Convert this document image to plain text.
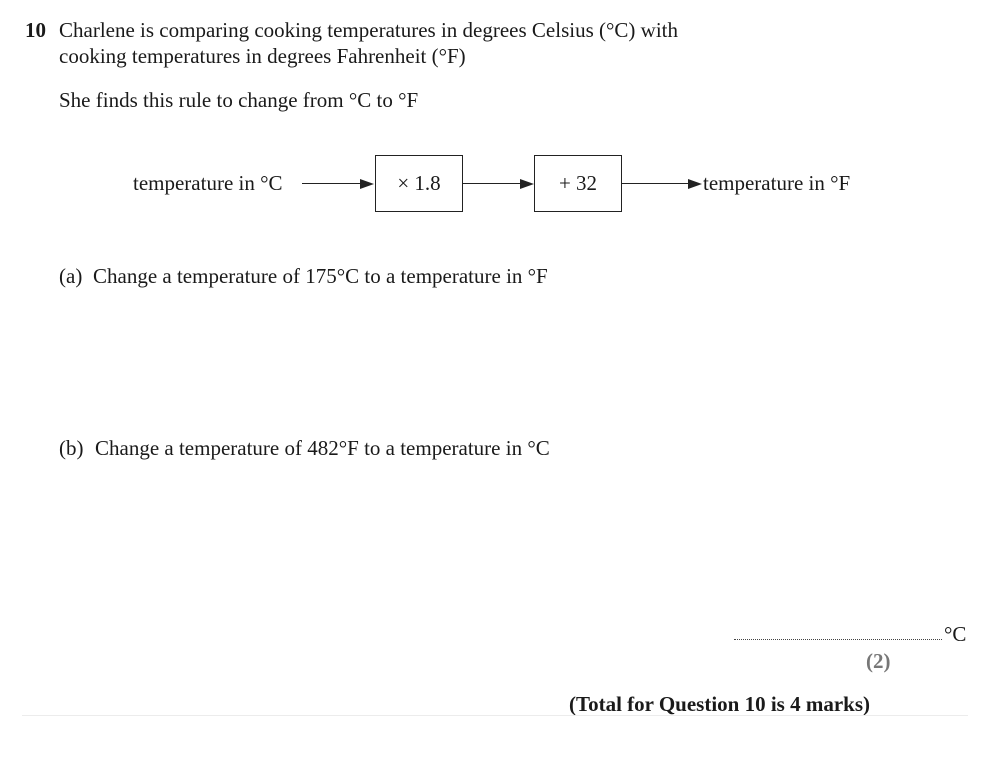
10 Charlene is comparing cooking temperatures in degrees Celsius (°C) with
cooking temperatures in degrees Fahrenheit (°F)
She finds this rule to change from °C to °F
temperature in °C	× 1.8	+ 32	temperature in °F
(a) Change a temperature of 175°C to a temperature in °F
(b) Change a temperature of 482°F to a temperature in °C
°C
(2)
(Total for Question 10 is 4 marks)
